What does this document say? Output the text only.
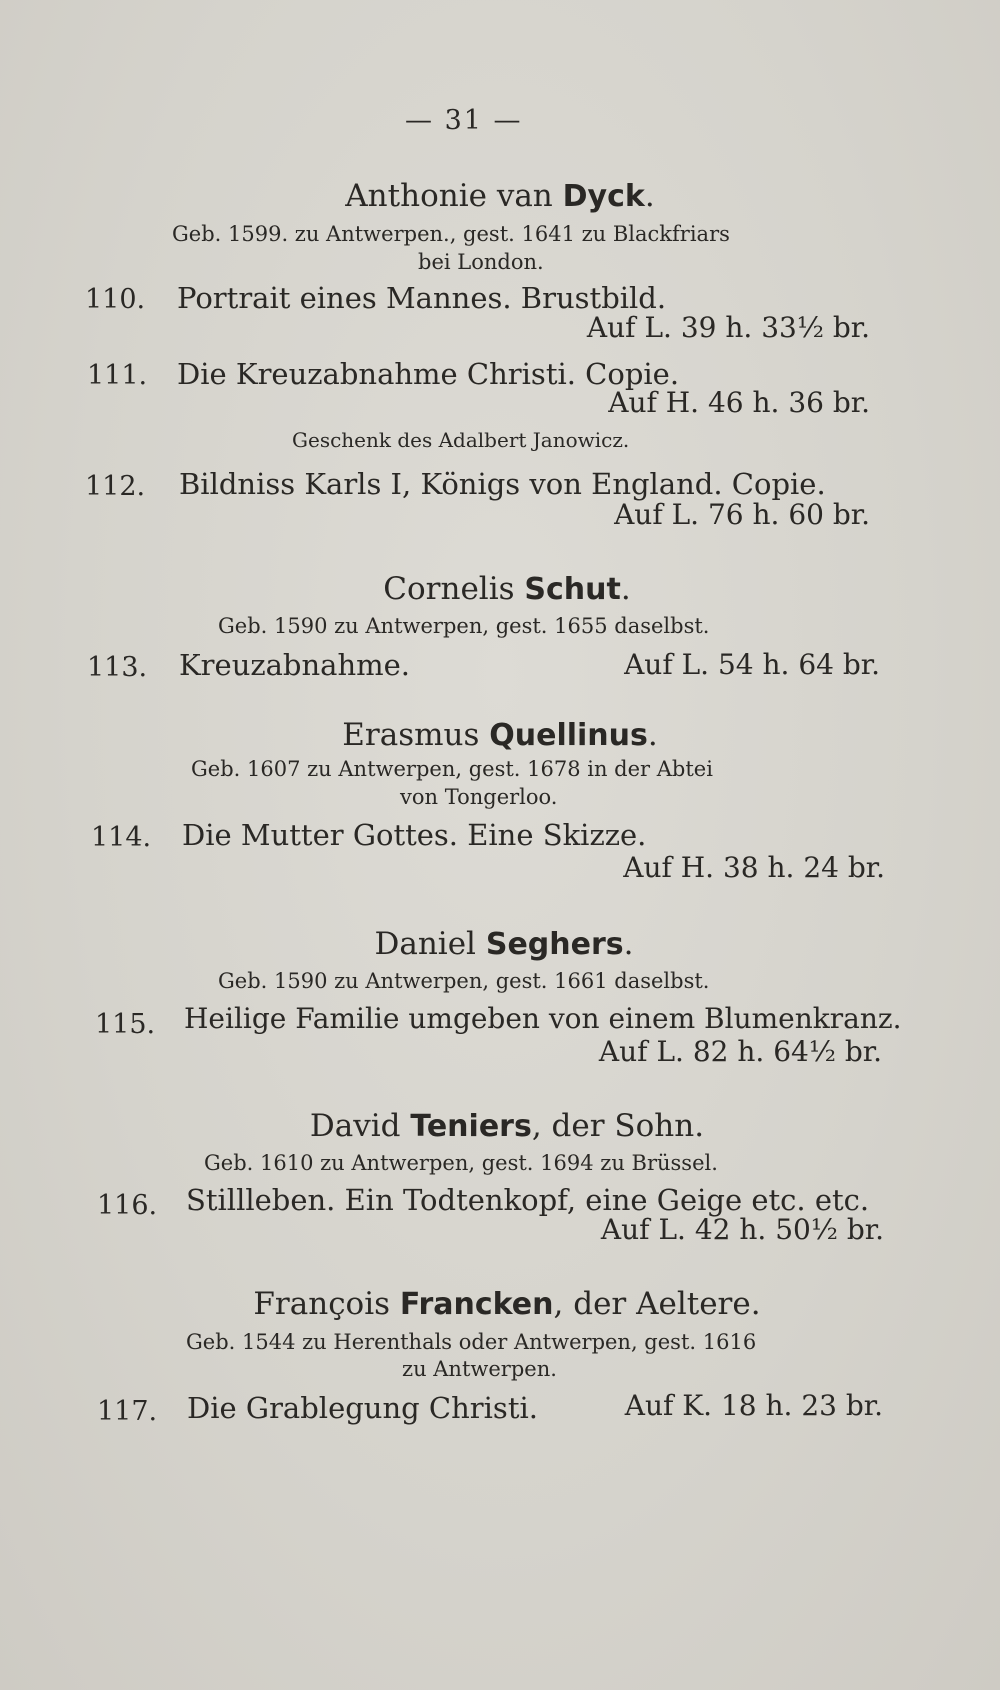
— 31 —
Anthonie van Dyck.
Geb. 1599. zu Antwerpen., gest. 1641 zu Blackfriars
bei London.
110. Portrait eines Mannes. Brustbild.
Auf L. 39 h. 33½ br.
111. Die Kreuzabnahme Christi. Copie.
Auf H. 46 h. 36 br.
Geschenk des Adalbert Janowicz.
112. Bildniss Karls I, Königs von England. Copie.
Auf L. 76 h. 60 br.
Cornelis Schut.
Geb. 1590 zu Antwerpen, gest. 1655 daselbst.
113. Kreuzabnahme.	Auf L. 54 h. 64 br.
Erasmus Quellinus.
Geb. 1607 zu Antwerpen, gest. 1678 in der Abtei
von Tongerloo.
114. Die Mutter Gottes. Eine Skizze.
Auf H. 38 h. 24 br.
Daniel Seghers.
Geb. 1590 zu Antwerpen, gest. 1661 daselbst.
115. Heilige Familie umgeben von einem Blumenkranz.
Auf L. 82 h. 64½ br.
David Teniers, der Sohn.
Geb. 1610 zu Antwerpen, gest. 1694 zu Brüssel.
116. Stillleben. Ein Todtenkopf, eine Geige etc. etc.
Auf L. 42 h. 50½ br.
François Francken, der Aeltere.
Geb. 1544 zu Herenthals oder Antwerpen, gest. 1616
zu Antwerpen.
117. Die Grablegung Christi.	Auf K. 18 h. 23 br.
